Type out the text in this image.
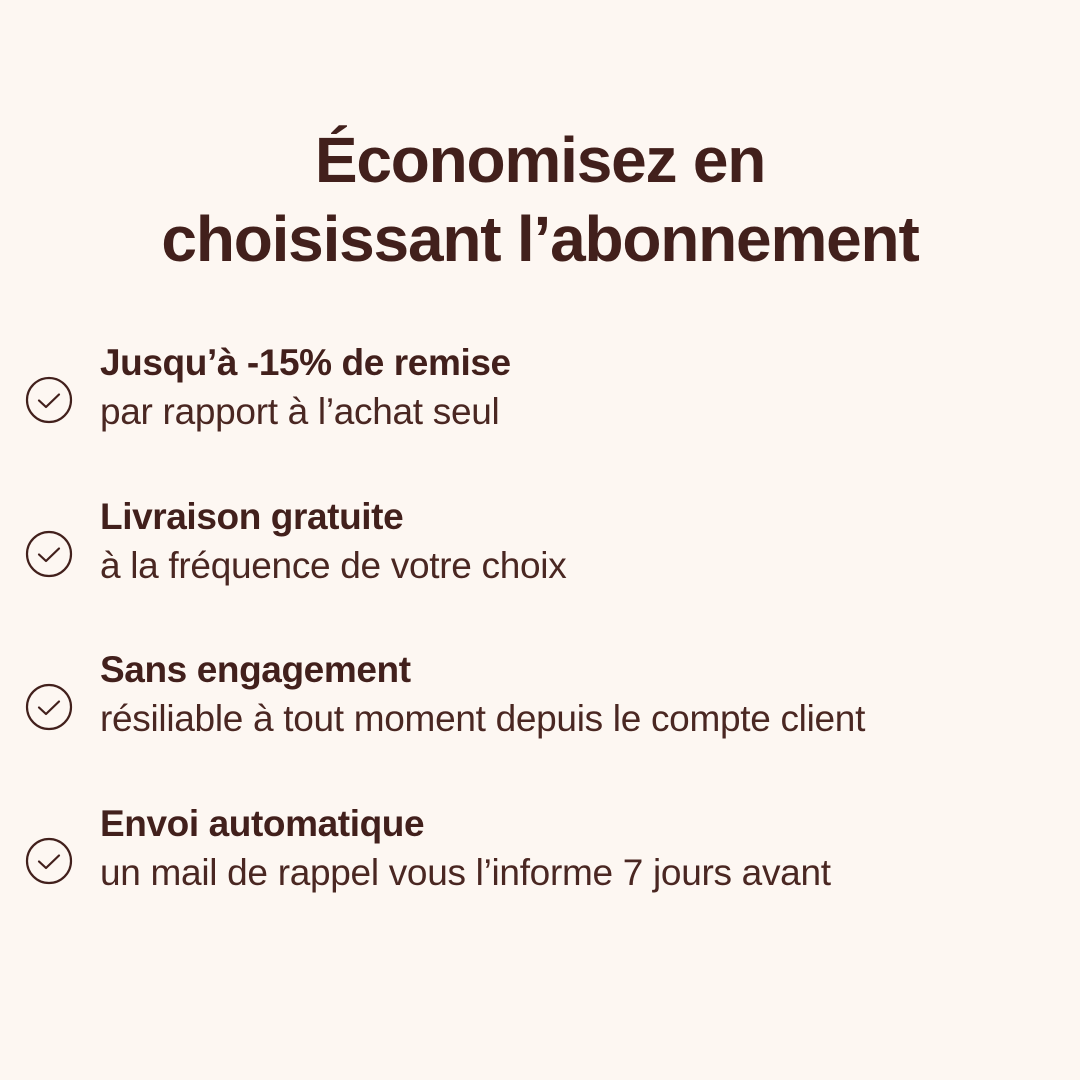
Économisez en
choisissant l’abonnement

Jusqu’à -15% de remise

par rapport à l’achat seul

Livraison gratuite

à la fréquence de votre choix

Sans engagement

résiliable à tout moment depuis le compte client

Envoi automatique

un mail de rappel vous l’informe 7 jours avant
